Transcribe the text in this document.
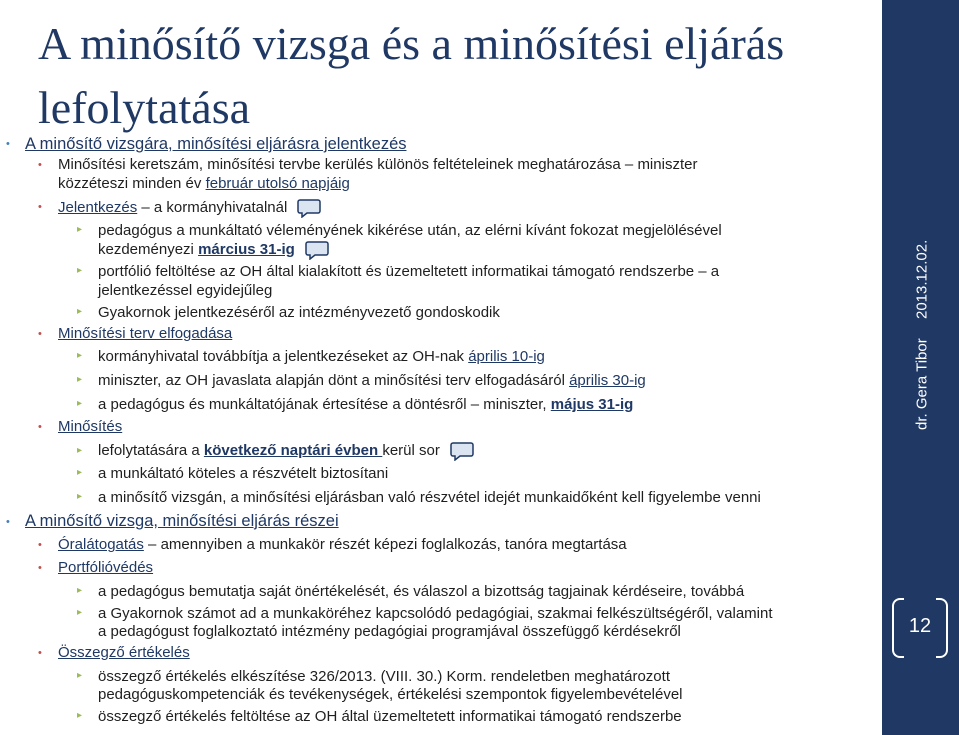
dr. Gera Tibor
2013.12.02.
12
A minősítő vizsga és a minősítési eljárás lefolytatása
• A minősítő vizsgára, minősítési eljárásra jelentkezés
• Minősítési keretszám, minősítési tervbe kerülés különös feltételeinek meghatározása – miniszter
közzéteszi minden év február utolsó napjáig
• Jelentkezés – a kormányhivatalnál
▸ pedagógus a munkáltató véleményének kikérése után, az elérni kívánt fokozat megjelölésével
kezdeményezi március 31-ig
▸ portfólió feltöltése az OH által kialakított és üzemeltetett informatikai támogató rendszerbe – a
jelentkezéssel egyidejűleg
▸ Gyakornok jelentkezéséről az intézményvezető gondoskodik
• Minősítési terv elfogadása
▸ kormányhivatal továbbítja a jelentkezéseket az OH-nak április 10-ig
▸ miniszter, az OH javaslata alapján dönt a minősítési terv elfogadásáról április 30-ig
▸ a pedagógus és munkáltatójának értesítése a döntésről – miniszter, május 31-ig
• Minősítés
▸ lefolytatására a következő naptári évben kerül sor
▸ a munkáltató köteles a részvételt biztosítani
▸ a minősítő vizsgán, a minősítési eljárásban való részvétel idejét munkaidőként kell figyelembe venni
• A minősítő vizsga, minősítési eljárás részei
• Óralátogatás – amennyiben a munkakör részét képezi foglalkozás, tanóra megtartása
• Portfólióvédés
▸ a pedagógus bemutatja saját önértékelését, és válaszol a bizottság tagjainak kérdéseire, továbbá
▸ a Gyakornok számot ad a munkaköréhez kapcsolódó pedagógiai, szakmai felkészültségéről, valamint
a pedagógust foglalkoztató intézmény pedagógiai programjával összefüggő kérdésekről
• Összegző értékelés
▸ összegző értékelés elkészítése 326/2013. (VIII. 30.) Korm. rendeletben meghatározott
pedagóguskompetenciák és tevékenységek, értékelési szempontok figyelembevételével
▸ összegző értékelés feltöltése az OH által üzemeltetett informatikai támogató rendszerbe
